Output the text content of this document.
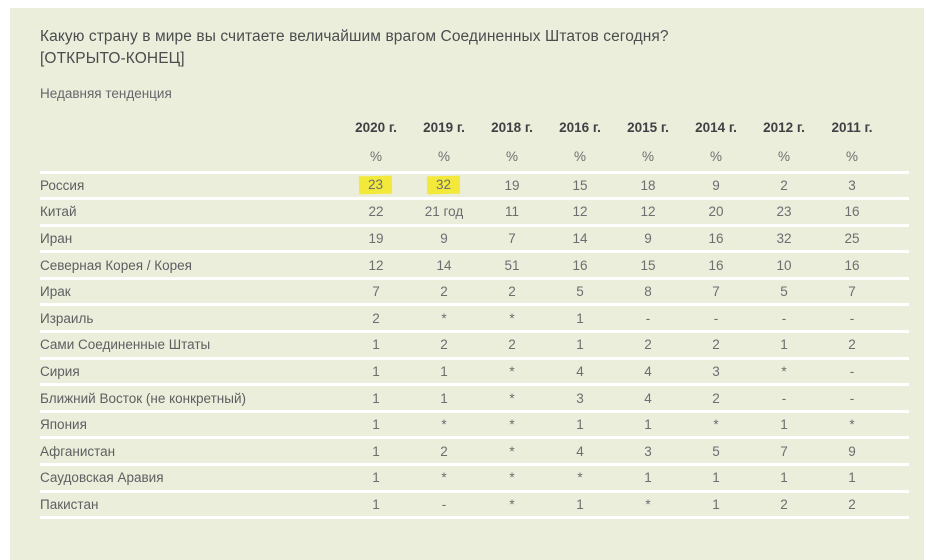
Какую страну в мире вы считаете величайшим врагом Соединенных Штатов сегодня?
[ОТКРЫТО-КОНЕЦ]
Недавняя тенденция
	2020 г.	2019 г.	2018 г.	2016 г.	2015 г.	2014 г.	2012 г.	2011 г.	
	%	%	%	%	%	%	%	%	
Россия	23	32	19	15	18	9	2	3	
Китай	22	21 год	11	12	12	20	23	16	
Иран	19	9	7	14	9	16	32	25	
Северная Корея / Корея	12	14	51	16	15	16	10	16	
Ирак	7	2	2	5	8	7	5	7	
Израиль	2	*	*	1	-	-	-	-	
Сами Соединенные Штаты	1	2	2	1	2	2	1	2	
Сирия	1	1	*	4	4	3	*	-	
Ближний Восток (не конкретный)	1	1	*	3	4	2	-	-	
Япония	1	*	*	1	1	*	1	*	
Афганистан	1	2	*	4	3	5	7	9	
Саудовская Аравия	1	*	*	*	1	1	1	1	
Пакистан	1	-	*	1	*	1	2	2	
